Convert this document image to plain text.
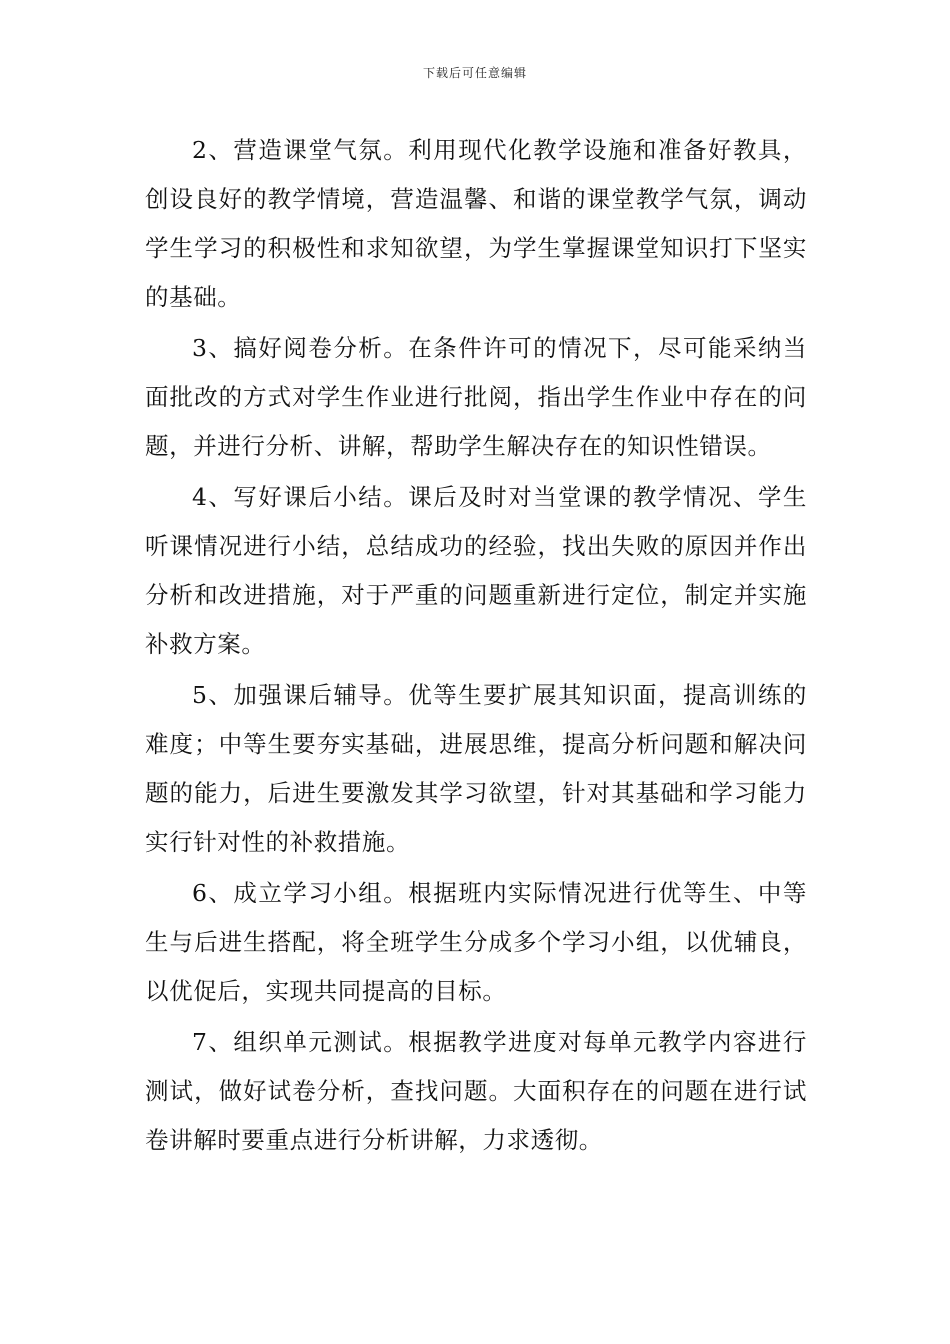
下载后可任意编辑

2、营造课堂气氛。利用现代化教学设施和准备好教具，创设良好的教学情境，营造温馨、和谐的课堂教学气氛，调动学生学习的积极性和求知欲望，为学生掌握课堂知识打下坚实的基础。

3、搞好阅卷分析。在条件许可的情况下，尽可能采纳当面批改的方式对学生作业进行批阅，指出学生作业中存在的问题，并进行分析、讲解，帮助学生解决存在的知识性错误。

4、写好课后小结。课后及时对当堂课的教学情况、学生听课情况进行小结，总结成功的经验，找出失败的原因并作出分析和改进措施，对于严重的问题重新进行定位，制定并实施补救方案。

5、加强课后辅导。优等生要扩展其知识面，提高训练的难度；中等生要夯实基础，进展思维，提高分析问题和解决问题的能力，后进生要激发其学习欲望，针对其基础和学习能力实行针对性的补救措施。

6、成立学习小组。根据班内实际情况进行优等生、中等生与后进生搭配，将全班学生分成多个学习小组，以优辅良，以优促后，实现共同提高的目标。

7、组织单元测试。根据教学进度对每单元教学内容进行测试，做好试卷分析，查找问题。大面积存在的问题在进行试卷讲解时要重点进行分析讲解，力求透彻。
